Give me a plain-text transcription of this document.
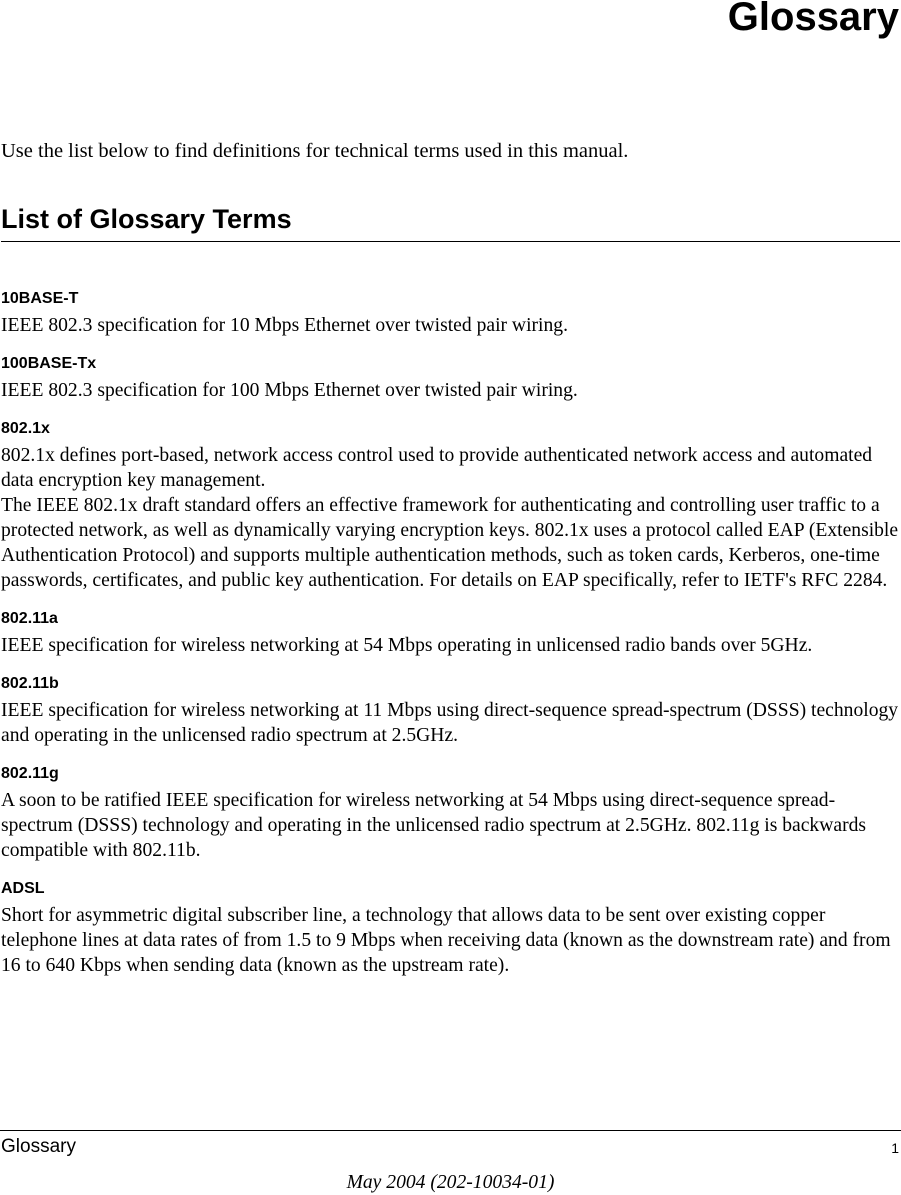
Glossary

Use the list below to find definitions for technical terms used in this manual.

List of Glossary Terms
10BASE-T

IEEE 802.3 specification for 10 Mbps Ethernet over twisted pair wiring.

100BASE-Tx

IEEE 802.3 specification for 100 Mbps Ethernet over twisted pair wiring.

802.1x

802.1x defines port-based, network access control used to provide authenticated network access and automated data encryption key management.

The IEEE 802.1x draft standard offers an effective framework for authenticating and controlling user traffic to a protected network, as well as dynamically varying encryption keys. 802.1x uses a protocol called EAP (Extensible Authentication Protocol) and supports multiple authentication methods, such as token cards, Kerberos, one-time passwords, certificates, and public key authentication. For details on EAP specifically, refer to IETF's RFC 2284.

802.11a

IEEE specification for wireless networking at 54 Mbps operating in unlicensed radio bands over 5GHz.

802.11b

IEEE specification for wireless networking at 11 Mbps using direct-sequence spread-spectrum (DSSS) technology and operating in the unlicensed radio spectrum at 2.5GHz.

802.11g

A soon to be ratified IEEE specification for wireless networking at 54 Mbps using direct-sequence spread-spectrum (DSSS) technology and operating in the unlicensed radio spectrum at 2.5GHz. 802.11g is backwards compatible with 802.11b.

ADSL

Short for asymmetric digital subscriber line, a technology that allows data to be sent over existing copper telephone lines at data rates of from 1.5 to 9 Mbps when receiving data (known as the downstream rate) and from 16 to 640 Kbps when sending data (known as the upstream rate).

Glossary	1
May 2004 (202-10034-01)
